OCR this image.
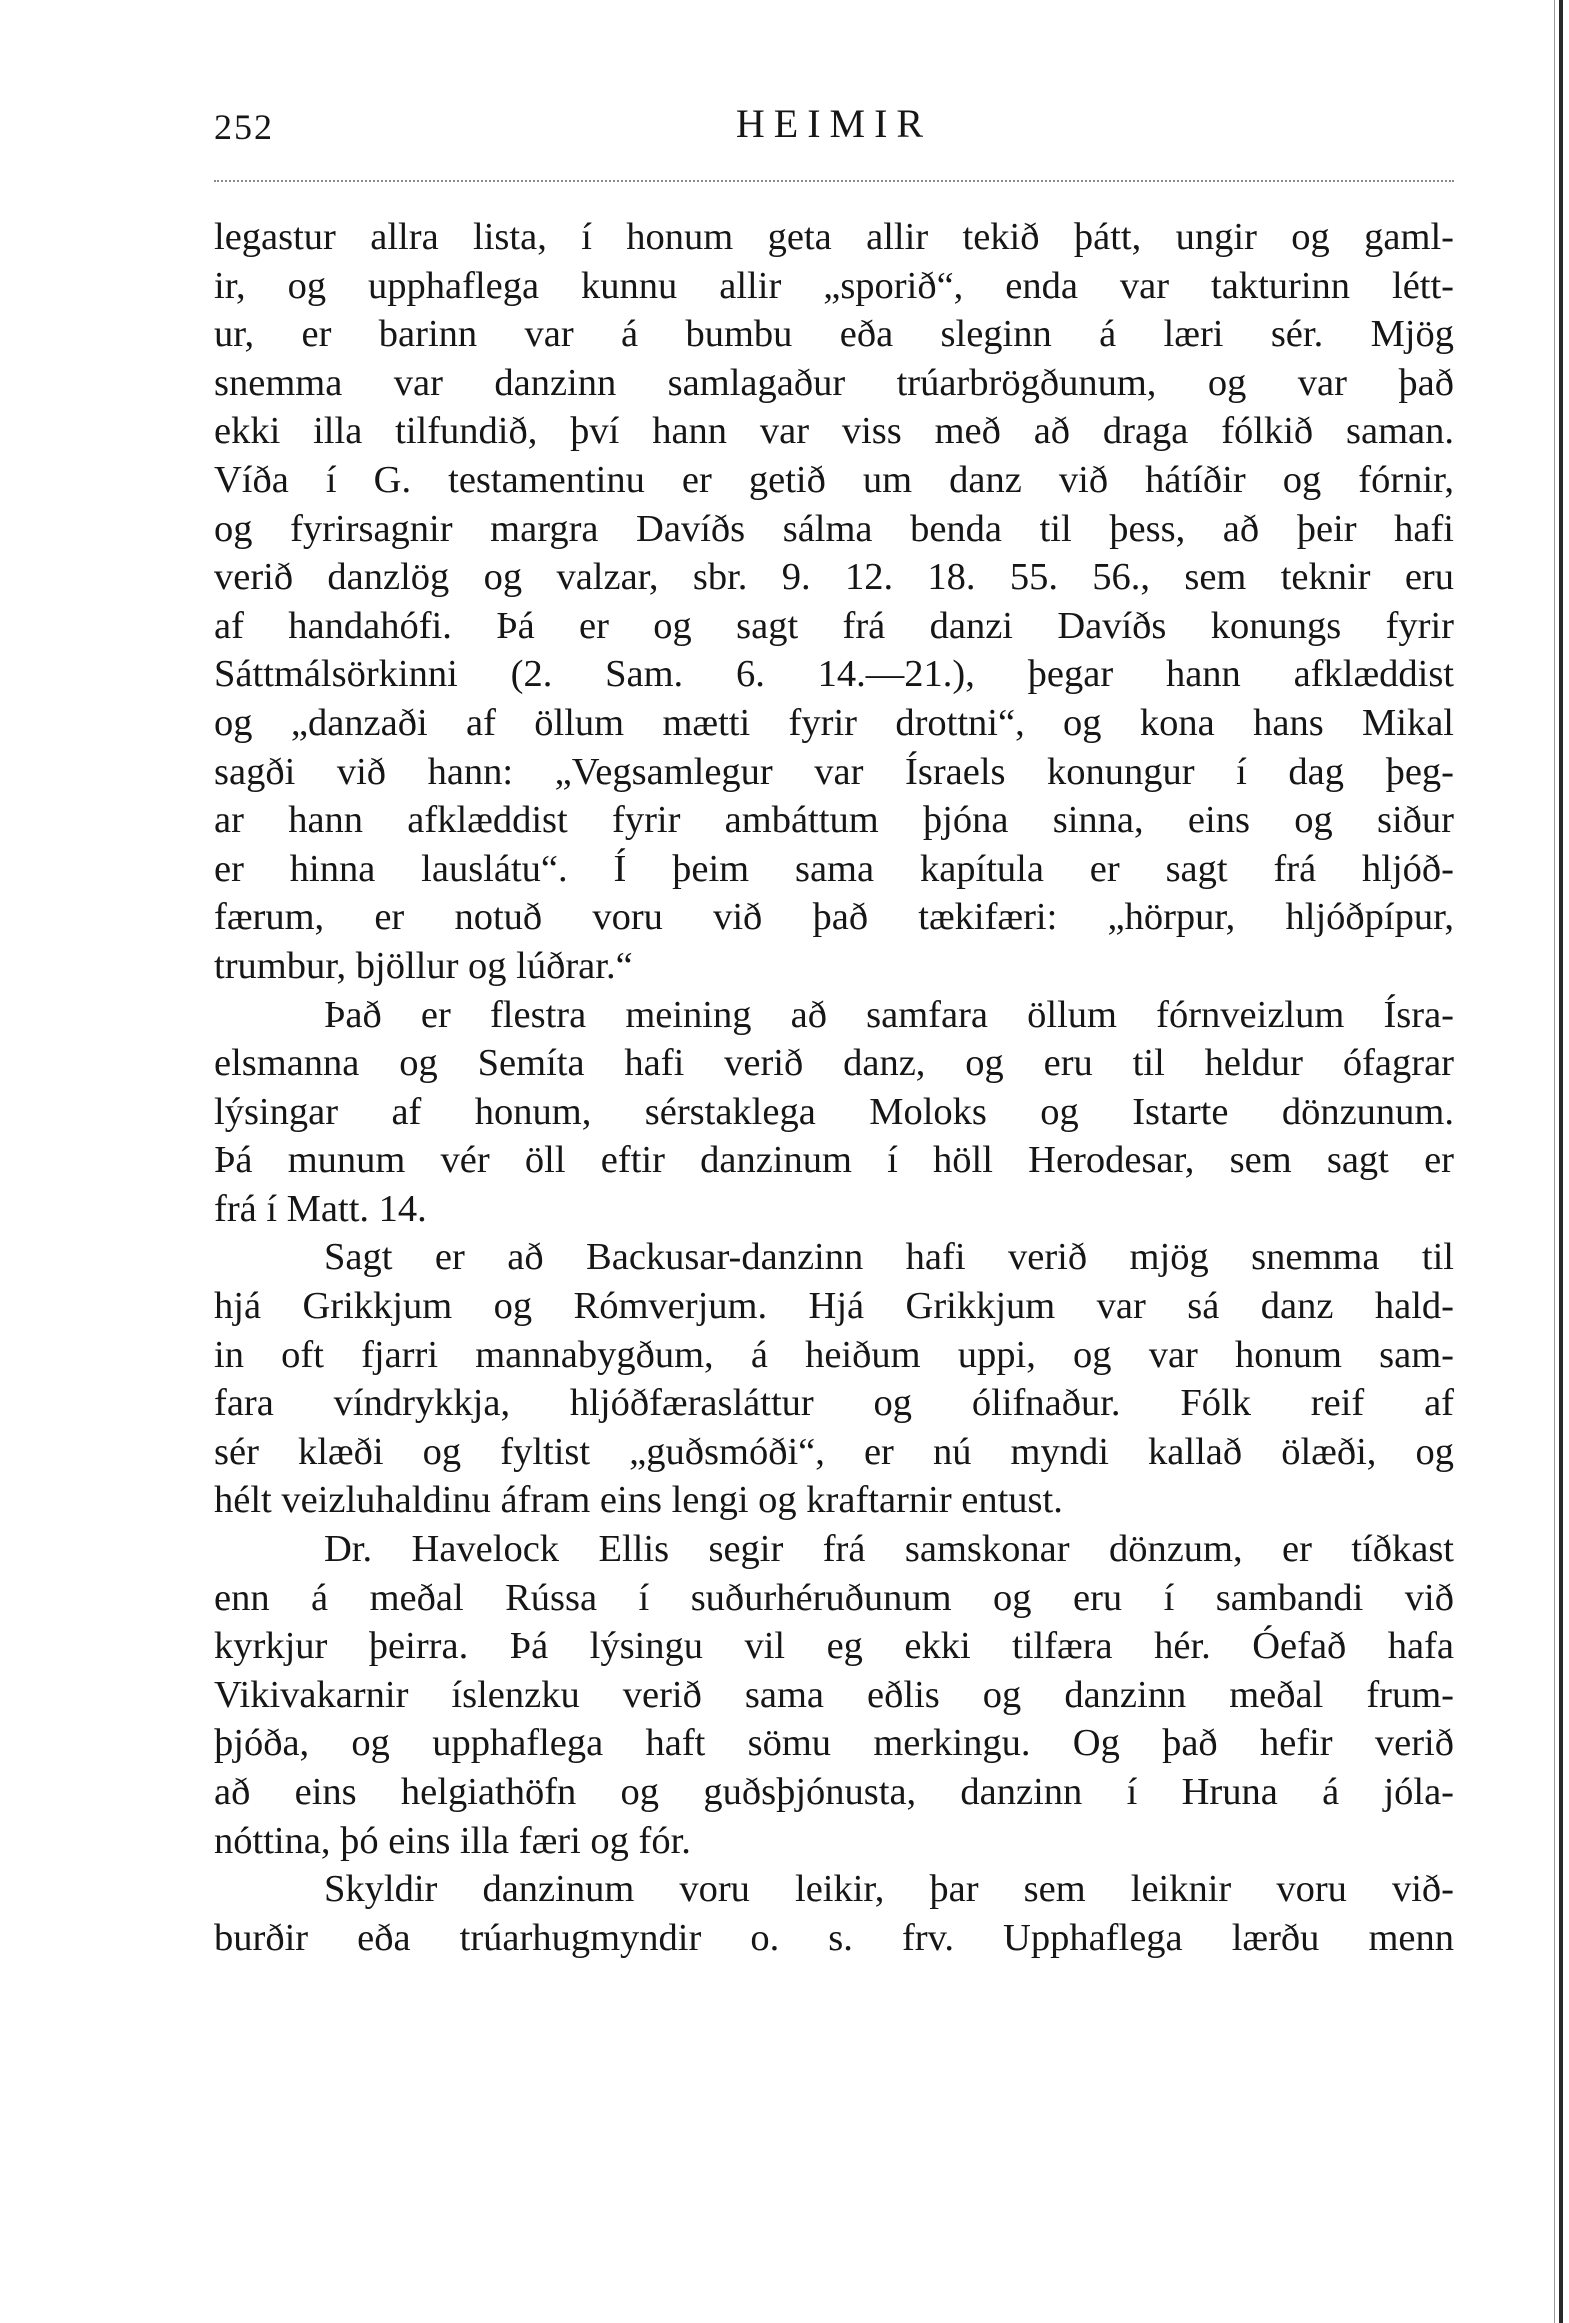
252	HEIMIR
legastur allra lista, í honum geta allir tekið þátt, ungir og gaml-
ir, og upphaflega kunnu allir „sporið“, enda var takturinn létt-
ur, er barinn var á bumbu eða sleginn á læri sér. Mjög
snemma var danzinn samlagaður trúarbrögðunum, og var það
ekki illa tilfundið, því hann var viss með að draga fólkið saman.
Víða í G. testamentinu er getið um danz við hátíðir og fórnir,
og fyrirsagnir margra Davíðs sálma benda til þess, að þeir hafi
verið danzlög og valzar, sbr. 9. 12. 18. 55. 56., sem teknir eru
af handahófi. Þá er og sagt frá danzi Davíðs konungs fyrir
Sáttmálsörkinni (2. Sam. 6. 14.—21.), þegar hann afklæddist
og „danzaði af öllum mætti fyrir drottni“, og kona hans Mikal
sagði við hann: „Vegsamlegur var Ísraels konungur í dag þeg-
ar hann afklæddist fyrir ambáttum þjóna sinna, eins og siður
er hinna lauslátu“. Í þeim sama kapítula er sagt frá hljóð-
færum, er notuð voru við það tækifæri: „hörpur, hljóðpípur,
trumbur, bjöllur og lúðrar.“
Það er flestra meining að samfara öllum fórnveizlum Ísra-
elsmanna og Semíta hafi verið danz, og eru til heldur ófagrar
lýsingar af honum, sérstaklega Moloks og Istarte dönzunum.
Þá munum vér öll eftir danzinum í höll Herodesar, sem sagt er
frá í Matt. 14.
Sagt er að Backusar-danzinn hafi verið mjög snemma til
hjá Grikkjum og Rómverjum. Hjá Grikkjum var sá danz hald-
in oft fjarri mannabygðum, á heiðum uppi, og var honum sam-
fara víndrykkja, hljóðfærasláttur og ólifnaður. Fólk reif af
sér klæði og fyltist „guðsmóði“, er nú myndi kallað ölæði, og
hélt veizluhaldinu áfram eins lengi og kraftarnir entust.
Dr. Havelock Ellis segir frá samskonar dönzum, er tíðkast
enn á meðal Rússa í suðurhéruðunum og eru í sambandi við
kyrkjur þeirra. Þá lýsingu vil eg ekki tilfæra hér. Óefað hafa
Vikivakarnir íslenzku verið sama eðlis og danzinn meðal frum-
þjóða, og upphaflega haft sömu merkingu. Og það hefir verið
að eins helgiathöfn og guðsþjónusta, danzinn í Hruna á jóla-
nóttina, þó eins illa færi og fór.
Skyldir danzinum voru leikir, þar sem leiknir voru við-
burðir eða trúarhugmyndir o. s. frv. Upphaflega lærðu menn
